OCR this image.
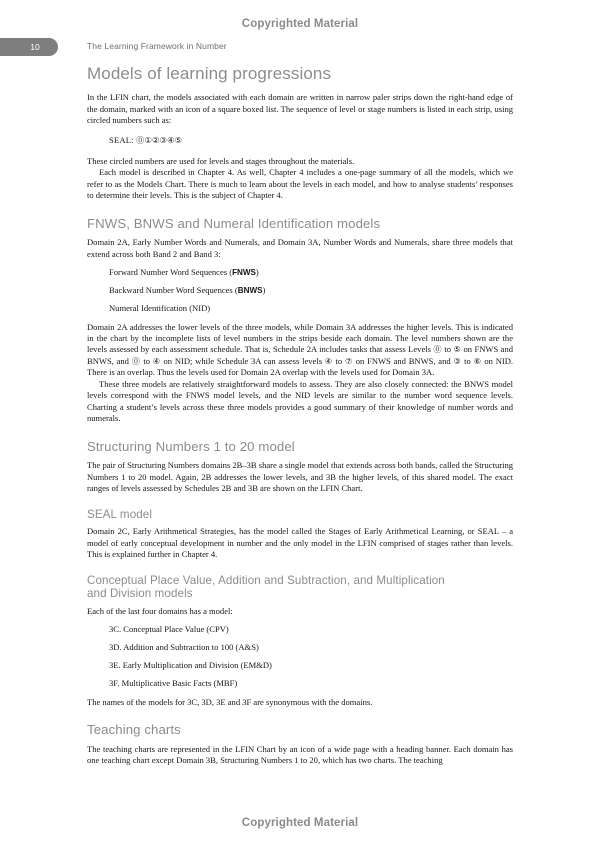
Copyrighted Material
10	The Learning Framework in Number
Models of learning progressions

In the LFIN chart, the models associated with each domain are written in narrow paler strips down the right-hand edge of the domain, marked with an icon of a square boxed list. The sequence of level or stage numbers is listed in each strip, using circled numbers such as:

SEAL: ⓪①②③④⑤

These circled numbers are used for levels and stages throughout the materials.

Each model is described in Chapter 4. As well, Chapter 4 includes a one-page summary of all the models, which we refer to as the Models Chart. There is much to learn about the levels in each model, and how to analyse students’ responses to determine their levels. This is the subject of Chapter 4.

FNWS, BNWS and Numeral Identification models

Domain 2A, Early Number Words and Numerals, and Domain 3A, Number Words and Numerals, share three models that extend across both Band 2 and Band 3:

Forward Number Word Sequences (FNWS)
Backward Number Word Sequences (BNWS)
Numeral Identification (NID)

Domain 2A addresses the lower levels of the three models, while Domain 3A addresses the higher levels. This is indicated in the chart by the incomplete lists of level numbers in the strips beside each domain. The level numbers shown are the levels assessed by each assessment schedule. That is, Schedule 2A includes tasks that assess Levels ⓪ to ⑤ on FNWS and BNWS, and ⓪ to ④ on NID; while Schedule 3A can assess levels ④ to ⑦ on FNWS and BNWS, and ③ to ⑥ on NID. There is an overlap. Thus the levels used for Domain 2A overlap with the levels used for Domain 3A.

These three models are relatively straightforward models to assess. They are also closely connected: the BNWS model levels correspond with the FNWS model levels, and the NID levels are similar to the number word sequence levels. Charting a student’s levels across these three models provides a good summary of their knowledge of number words and numerals.

Structuring Numbers 1 to 20 model

The pair of Structuring Numbers domains 2B–3B share a single model that extends across both bands, called the Structuring Numbers 1 to 20 model. Again, 2B addresses the lower levels, and 3B the higher levels, of this shared model. The exact ranges of levels assessed by Schedules 2B and 3B are shown on the LFIN Chart.

SEAL model

Domain 2C, Early Arithmetical Strategies, has the model called the Stages of Early Arithmetical Learning, or SEAL – a model of early conceptual development in number and the only model in the LFIN comprised of stages rather than levels. This is explained further in Chapter 4.

Conceptual Place Value, Addition and Subtraction, and Multiplication
and Division models

Each of the last four domains has a model:

3C. Conceptual Place Value (CPV)
3D. Addition and Subtraction to 100 (A&S)
3E. Early Multiplication and Division (EM&D)
3F. Multiplicative Basic Facts (MBF)

The names of the models for 3C, 3D, 3E and 3F are synonymous with the domains.

Teaching charts

The teaching charts are represented in the LFIN Chart by an icon of a wide page with a heading banner. Each domain has one teaching chart except Domain 3B, Structuring Numbers 1 to 20, which has two charts. The teaching

Copyrighted Material
